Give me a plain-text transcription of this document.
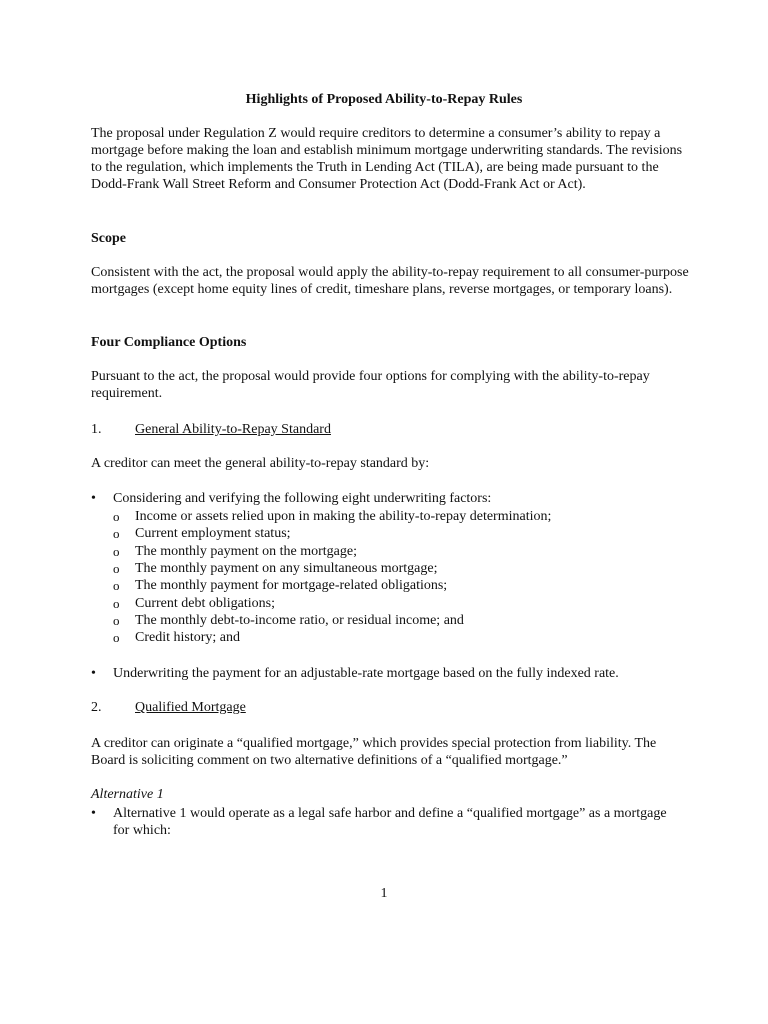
Highlights of Proposed Ability-to-Repay Rules

The proposal under Regulation Z would require creditors to determine a consumer’s ability to repay a mortgage before making the loan and establish minimum mortgage underwriting standards. The revisions to the regulation, which implements the Truth in Lending Act (TILA), are being made pursuant to the Dodd-Frank Wall Street Reform and Consumer Protection Act (Dodd-Frank Act or Act).

Scope

Consistent with the act, the proposal would apply the ability-to-repay requirement to all consumer-purpose mortgages (except home equity lines of credit, timeshare plans, reverse mortgages, or temporary loans).

Four Compliance Options

Pursuant to the act, the proposal would provide four options for complying with the ability-to-repay requirement.

1. General Ability-to-Repay Standard

A creditor can meet the general ability-to-repay standard by:

• Considering and verifying the following eight underwriting factors:
o Income or assets relied upon in making the ability-to-repay determination;
o Current employment status;
o The monthly payment on the mortgage;
o The monthly payment on any simultaneous mortgage;
o The monthly payment for mortgage-related obligations;
o Current debt obligations;
o The monthly debt-to-income ratio, or residual income; and
o Credit history; and
• Underwriting the payment for an adjustable-rate mortgage based on the fully indexed rate.
2. Qualified Mortgage

A creditor can originate a “qualified mortgage,” which provides special protection from liability. The Board is soliciting comment on two alternative definitions of a “qualified mortgage.”

Alternative 1

• Alternative 1 would operate as a legal safe harbor and define a “qualified mortgage” as a mortgage for which:
1
